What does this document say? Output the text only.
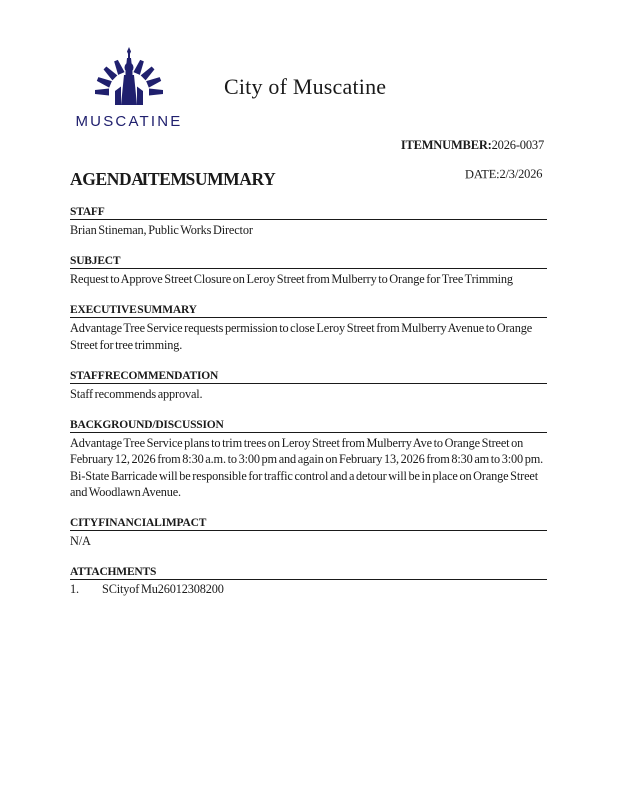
MUSCATINE
City of Muscatine
ITEM NUMBER: 2026-0037
AGENDA ITEM SUMMARY	DATE: 2/3/2026
STAFF
Brian Stineman, Public Works Director
SUBJECT
Request to Approve Street Closure on Leroy Street from Mulberry to Orange for Tree Trimming
EXECUTIVE SUMMARY
Advantage Tree Service requests permission to close Leroy Street from Mulberry Avenue to Orange Street for tree trimming.
STAFF RECOMMENDATION
Staff recommends approval.
BACKGROUND/DISCUSSION
Advantage Tree Service plans to trim trees on Leroy Street from Mulberry Ave to Orange Street on February 12, 2026 from 8:30 a.m. to 3:00 pm and again on February 13, 2026 from 8:30 am to 3:00 pm. Bi-State Barricade will be responsible for traffic control and a detour will be in place on Orange Street and Woodlawn Avenue.
CITY FINANCIAL IMPACT
N/A
ATTACHMENTS
1.	SCityof Mu26012308200
